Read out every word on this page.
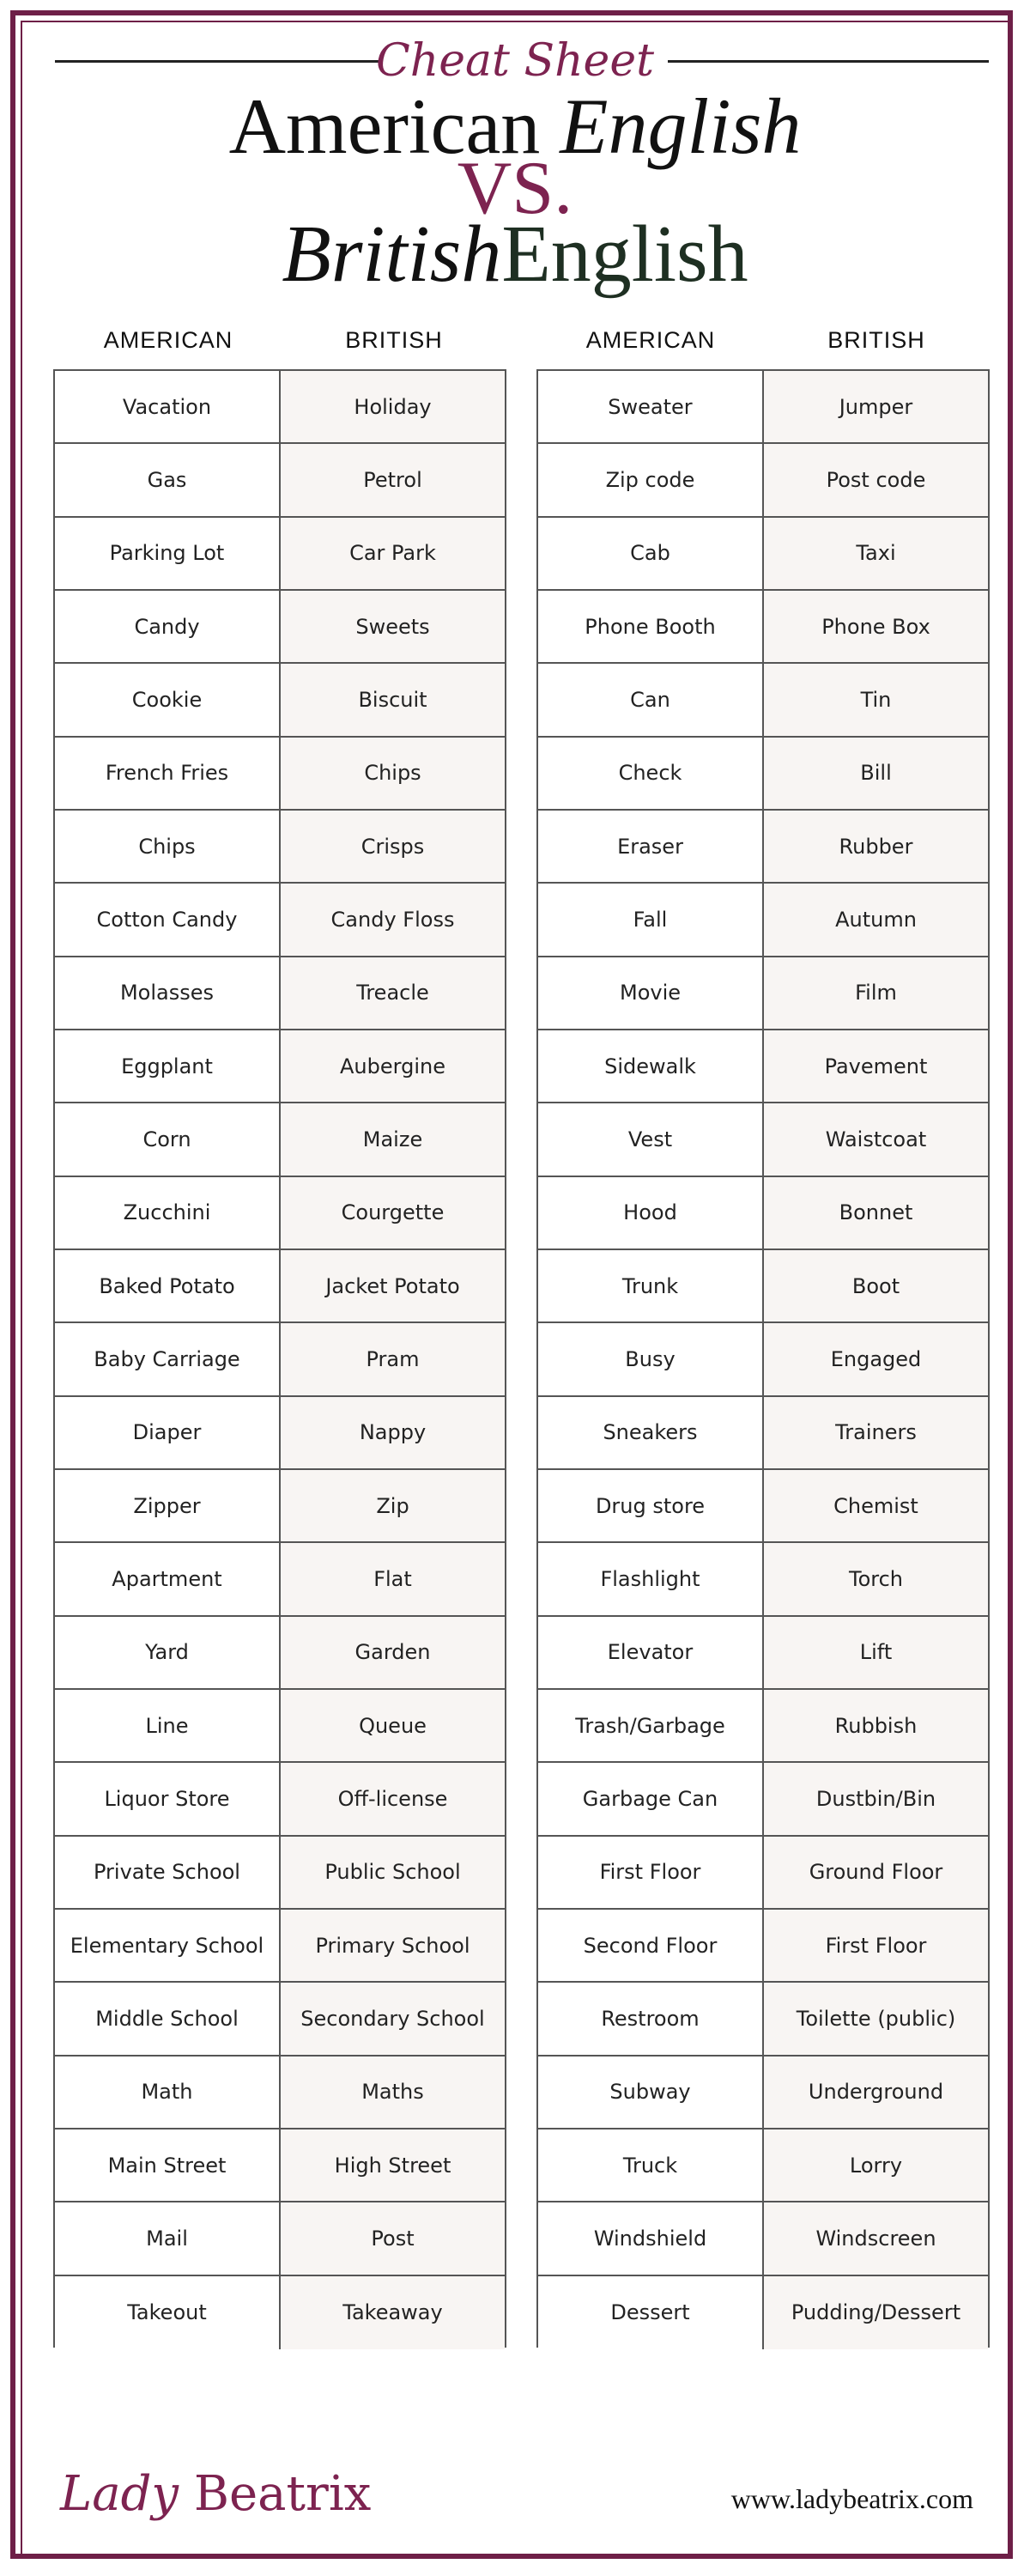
Cheat Sheet
American English
VS.
BritishEnglish
AMERICAN	BRITISH	AMERICAN	BRITISH
Vacation	Holiday
Gas	Petrol
Parking Lot	Car Park
Candy	Sweets
Cookie	Biscuit
French Fries	Chips
Chips	Crisps
Cotton Candy	Candy Floss
Molasses	Treacle
Eggplant	Aubergine
Corn	Maize
Zucchini	Courgette
Baked Potato	Jacket Potato
Baby Carriage	Pram
Diaper	Nappy
Zipper	Zip
Apartment	Flat
Yard	Garden
Line	Queue
Liquor Store	Off-license
Private School	Public School
Elementary School	Primary School
Middle School	Secondary School
Math	Maths
Main Street	High Street
Mail	Post
Takeout	Takeaway
Sweater	Jumper
Zip code	Post code
Cab	Taxi
Phone Booth	Phone Box
Can	Tin
Check	Bill
Eraser	Rubber
Fall	Autumn
Movie	Film
Sidewalk	Pavement
Vest	Waistcoat
Hood	Bonnet
Trunk	Boot
Busy	Engaged
Sneakers	Trainers
Drug store	Chemist
Flashlight	Torch
Elevator	Lift
Trash/Garbage	Rubbish
Garbage Can	Dustbin/Bin
First Floor	Ground Floor
Second Floor	First Floor
Restroom	Toilette (public)
Subway	Underground
Truck	Lorry
Windshield	Windscreen
Dessert	Pudding/Dessert
Lady Beatrix	www.ladybeatrix.com
